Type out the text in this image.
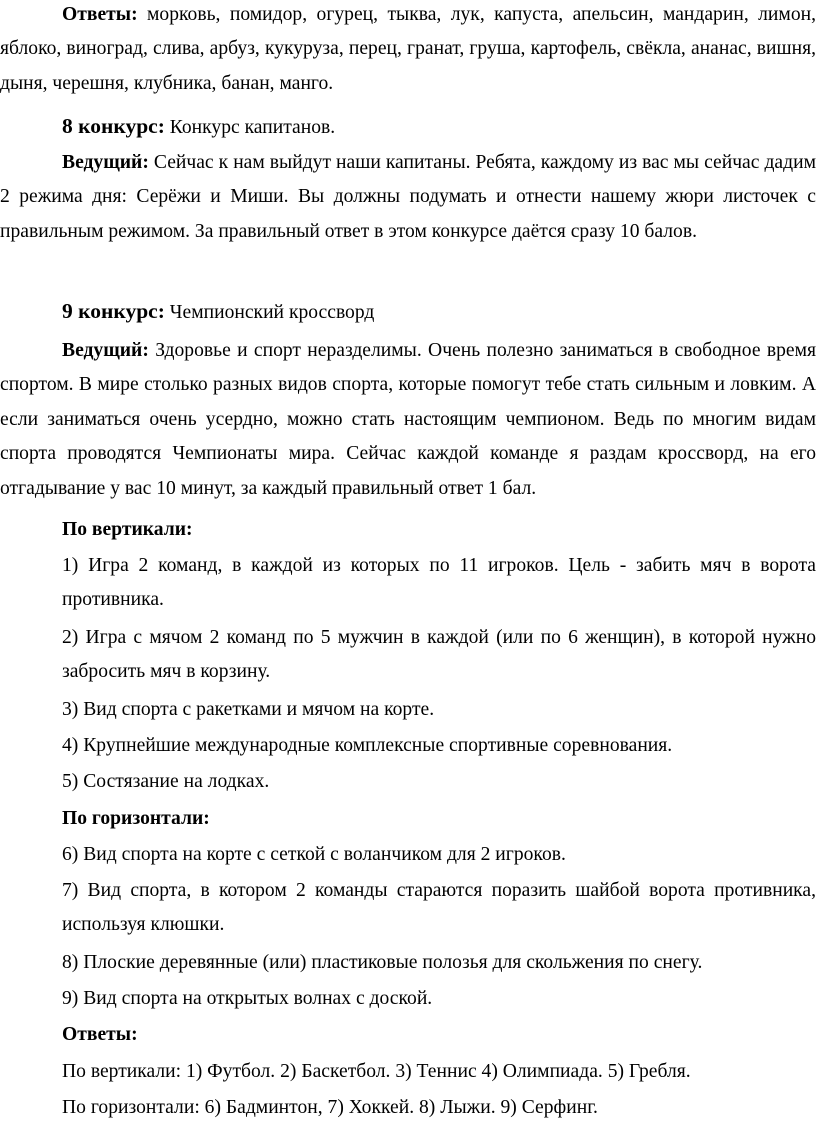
Ответы: морковь, помидор, огурец, тыква, лук, капуста, апельсин, мандарин, лимон, яблоко, виноград, слива, арбуз, кукуруза, перец, гранат, груша, картофель, свёкла, ананас, вишня, дыня, черешня, клубника, банан, манго.

8 конкурс: Конкурс капитанов.

Ведущий: Сейчас к нам выйдут наши капитаны. Ребята, каждому из вас мы сейчас дадим 2 режима дня: Серёжи и Миши. Вы должны подумать и отнести нашему жюри листочек с правильным режимом. За правильный ответ в этом конкурсе даётся сразу 10 балов.

9 конкурс: Чемпионский кроссворд

Ведущий: Здоровье и спорт неразделимы. Очень полезно заниматься в свободное время спортом. В мире столько разных видов спорта, которые помогут тебе стать сильным и ловким. А если заниматься очень усердно, можно стать настоящим чемпионом. Ведь по многим видам спорта проводятся Чемпионаты мира. Сейчас каждой команде я раздам кроссворд, на его отгадывание у вас 10 минут, за каждый правильный ответ 1 бал.

По вертикали:

1) Игра 2 команд, в каждой из которых по 11 игроков. Цель - забить мяч в ворота противника.

2) Игра с мячом 2 команд по 5 мужчин в каждой (или по 6 женщин), в которой нужно забросить мяч в корзину.

3) Вид спорта с ракетками и мячом на корте.

4) Крупнейшие международные комплексные спортивные соревнования.

5) Состязание на лодках.

По горизонтали:

6) Вид спорта на корте с сеткой с воланчиком для 2 игроков.

7) Вид спорта, в котором 2 команды стараются поразить шайбой ворота противника, используя клюшки.

8) Плоские деревянные (или) пластиковые полозья для скольжения по снегу.

9) Вид спорта на открытых волнах с доской.

Ответы:

По вертикали: 1) Футбол. 2) Баскетбол. 3) Теннис 4) Олимпиада. 5) Гребля.

По горизонтали: 6) Бадминтон, 7) Хоккей. 8) Лыжи. 9) Серфинг.
